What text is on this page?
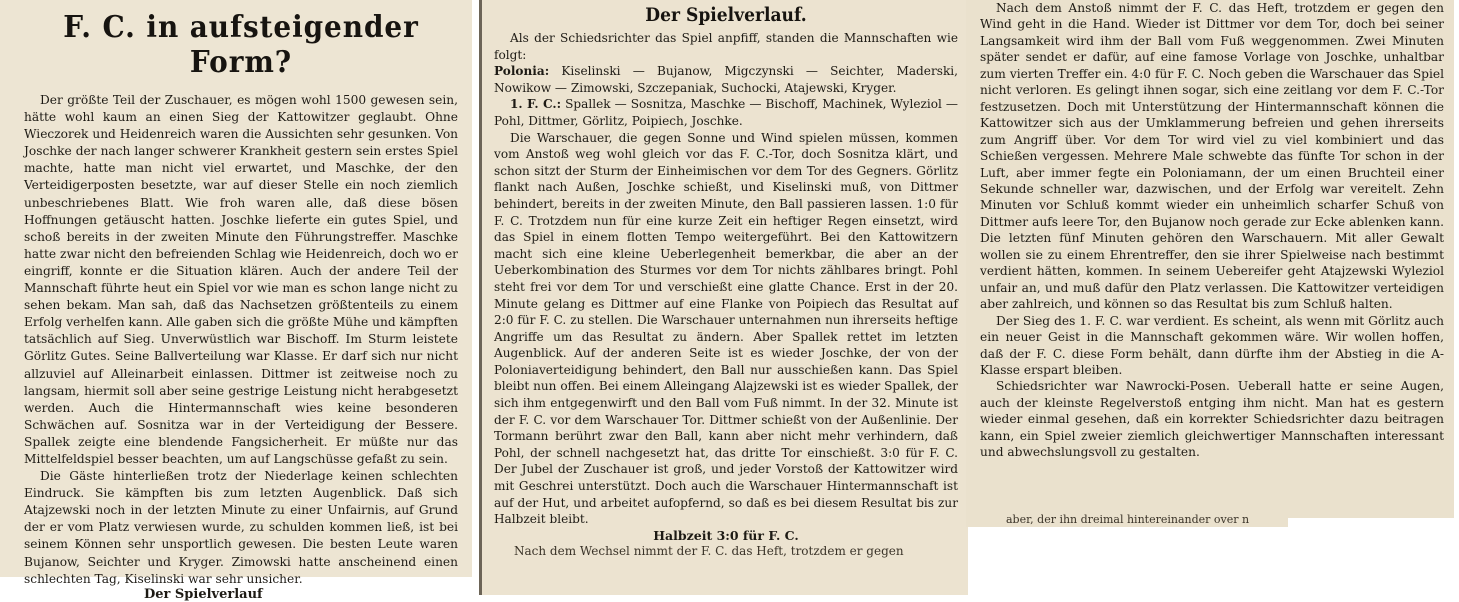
F. C. in aufsteigender Form?

Der größte Teil der Zuschauer, es mögen wohl 1500 gewesen sein, hätte wohl kaum an einen Sieg der Kattowitzer geglaubt. Ohne Wieczorek und Heidenreich waren die Aussichten sehr gesunken. Von Joschke der nach langer schwerer Krankheit gestern sein erstes Spiel machte, hatte man nicht viel erwartet, und Maschke, der den Verteidigerposten besetzte, war auf dieser Stelle ein noch ziemlich unbeschriebenes Blatt. Wie froh waren alle, daß diese bösen Hoffnungen getäuscht hatten. Joschke lieferte ein gutes Spiel, und schoß bereits in der zweiten Minute den Führungstreffer. Maschke hatte zwar nicht den befreienden Schlag wie Heidenreich, doch wo er eingriff, konnte er die Situation klären. Auch der andere Teil der Mannschaft führte heut ein Spiel vor wie man es schon lange nicht zu sehen bekam. Man sah, daß das Nachsetzen größtenteils zu einem Erfolg verhelfen kann. Alle gaben sich die größte Mühe und kämpften tatsächlich auf Sieg. Unverwüstlich war Bischoff. Im Sturm leistete Görlitz Gutes. Seine Ballverteilung war Klasse. Er darf sich nur nicht allzuviel auf Alleinarbeit einlassen. Dittmer ist zeitweise noch zu langsam, hiermit soll aber seine gestrige Leistung nicht herabgesetzt werden. Auch die Hintermannschaft wies keine besonderen Schwächen auf. Sosnitza war in der Verteidigung der Bessere. Spallek zeigte eine blendende Fangsicherheit. Er müßte nur das Mittelfeldspiel besser beachten, um auf Langschüsse gefaßt zu sein.

Die Gäste hinterließen trotz der Niederlage keinen schlechten Eindruck. Sie kämpften bis zum letzten Augenblick. Daß sich Atajzewski noch in der letzten Minute zu einer Unfairnis, auf Grund der er vom Platz verwiesen wurde, zu schulden kommen ließ, ist bei seinem Können sehr unsportlich gewesen. Die besten Leute waren Bujanow, Seichter und Kryger. Zimowski hatte anscheinend einen schlechten Tag, Kiselinski war sehr unsicher.

Der Spielverlauf

Der Spielverlauf.

Als der Schiedsrichter das Spiel anpfiff, standen die Mannschaften wie folgt:

Polonia: Kiselinski — Bujanow, Migczynski — Seichter, Maderski, Nowikow — Zimowski, Szczepaniak, Suchocki, Atajewski, Kryger.

1. F. C.: Spallek — Sosnitza, Maschke — Bischoff, Machinek, Wyleziol — Pohl, Dittmer, Görlitz, Poipiech, Joschke.

Die Warschauer, die gegen Sonne und Wind spielen müssen, kommen vom Anstoß weg wohl gleich vor das F. C.-Tor, doch Sosnitza klärt, und schon sitzt der Sturm der Einheimischen vor dem Tor des Gegners. Görlitz flankt nach Außen, Joschke schießt, und Kiselinski muß, von Dittmer behindert, bereits in der zweiten Minute, den Ball passieren lassen. 1:0 für F. C. Trotzdem nun für eine kurze Zeit ein heftiger Regen einsetzt, wird das Spiel in einem flotten Tempo weitergeführt. Bei den Kattowitzern macht sich eine kleine Ueberlegenheit bemerkbar, die aber an der Ueberkombination des Sturmes vor dem Tor nichts zählbares bringt. Pohl steht frei vor dem Tor und verschießt eine glatte Chance. Erst in der 20. Minute gelang es Dittmer auf eine Flanke von Poipiech das Resultat auf 2:0 für F. C. zu stellen. Die Warschauer unternahmen nun ihrerseits heftige Angriffe um das Resultat zu ändern. Aber Spallek rettet im letzten Augenblick. Auf der anderen Seite ist es wieder Joschke, der von der Poloniaverteidigung behindert, den Ball nur ausschießen kann. Das Spiel bleibt nun offen. Bei einem Alleingang Alajzewski ist es wieder Spallek, der sich ihm entgegenwirft und den Ball vom Fuß nimmt. In der 32. Minute ist der F. C. vor dem Warschauer Tor. Dittmer schießt von der Außenlinie. Der Tormann berührt zwar den Ball, kann aber nicht mehr verhindern, daß Pohl, der schnell nachgesetzt hat, das dritte Tor einschießt. 3:0 für F. C. Der Jubel der Zuschauer ist groß, und jeder Vorstoß der Kattowitzer wird mit Geschrei unterstützt. Doch auch die Warschauer Hintermannschaft ist auf der Hut, und arbeitet aufopfernd, so daß es bei diesem Resultat bis zur Halbzeit bleibt.

Halbzeit 3:0 für F. C.

Nach dem Wechsel nimmt der F. C. das Heft, trotzdem er gegen

Nach dem Anstoß nimmt der F. C. das Heft, trotzdem er gegen den Wind geht in die Hand. Wieder ist Dittmer vor dem Tor, doch bei seiner Langsamkeit wird ihm der Ball vom Fuß weggenommen. Zwei Minuten später sendet er dafür, auf eine famose Vorlage von Joschke, unhaltbar zum vierten Treffer ein. 4:0 für F. C. Noch geben die Warschauer das Spiel nicht verloren. Es gelingt ihnen sogar, sich eine zeitlang vor dem F. C.-Tor festzusetzen. Doch mit Unterstützung der Hintermannschaft können die Kattowitzer sich aus der Umklammerung befreien und gehen ihrerseits zum Angriff über. Vor dem Tor wird viel zu viel kombiniert und das Schießen vergessen. Mehrere Male schwebte das fünfte Tor schon in der Luft, aber immer fegte ein Poloniamann, der um einen Bruchteil einer Sekunde schneller war, dazwischen, und der Erfolg war vereitelt. Zehn Minuten vor Schluß kommt wieder ein unheimlich scharfer Schuß von Dittmer aufs leere Tor, den Bujanow noch gerade zur Ecke ablenken kann. Die letzten fünf Minuten gehören den Warschauern. Mit aller Gewalt wollen sie zu einem Ehrentreffer, den sie ihrer Spielweise nach bestimmt verdient hätten, kommen. In seinem Uebereifer geht Atajzewski Wyleziol unfair an, und muß dafür den Platz verlassen. Die Kattowitzer verteidigen aber zahlreich, und können so das Resultat bis zum Schluß halten.

Der Sieg des 1. F. C. war verdient. Es scheint, als wenn mit Görlitz auch ein neuer Geist in die Mannschaft gekommen wäre. Wir wollen hoffen, daß der F. C. diese Form behält, dann dürfte ihm der Abstieg in die A-Klasse erspart bleiben.

Schiedsrichter war Nawrocki-Posen. Ueberall hatte er seine Augen, auch der kleinste Regelverstoß entging ihm nicht. Man hat es gestern wieder einmal gesehen, daß ein korrekter Schiedsrichter dazu beitragen kann, ein Spiel zweier ziemlich gleichwertiger Mannschaften interessant und abwechslungsvoll zu gestalten.

aber, der ihn dreimal hintereinander over n
